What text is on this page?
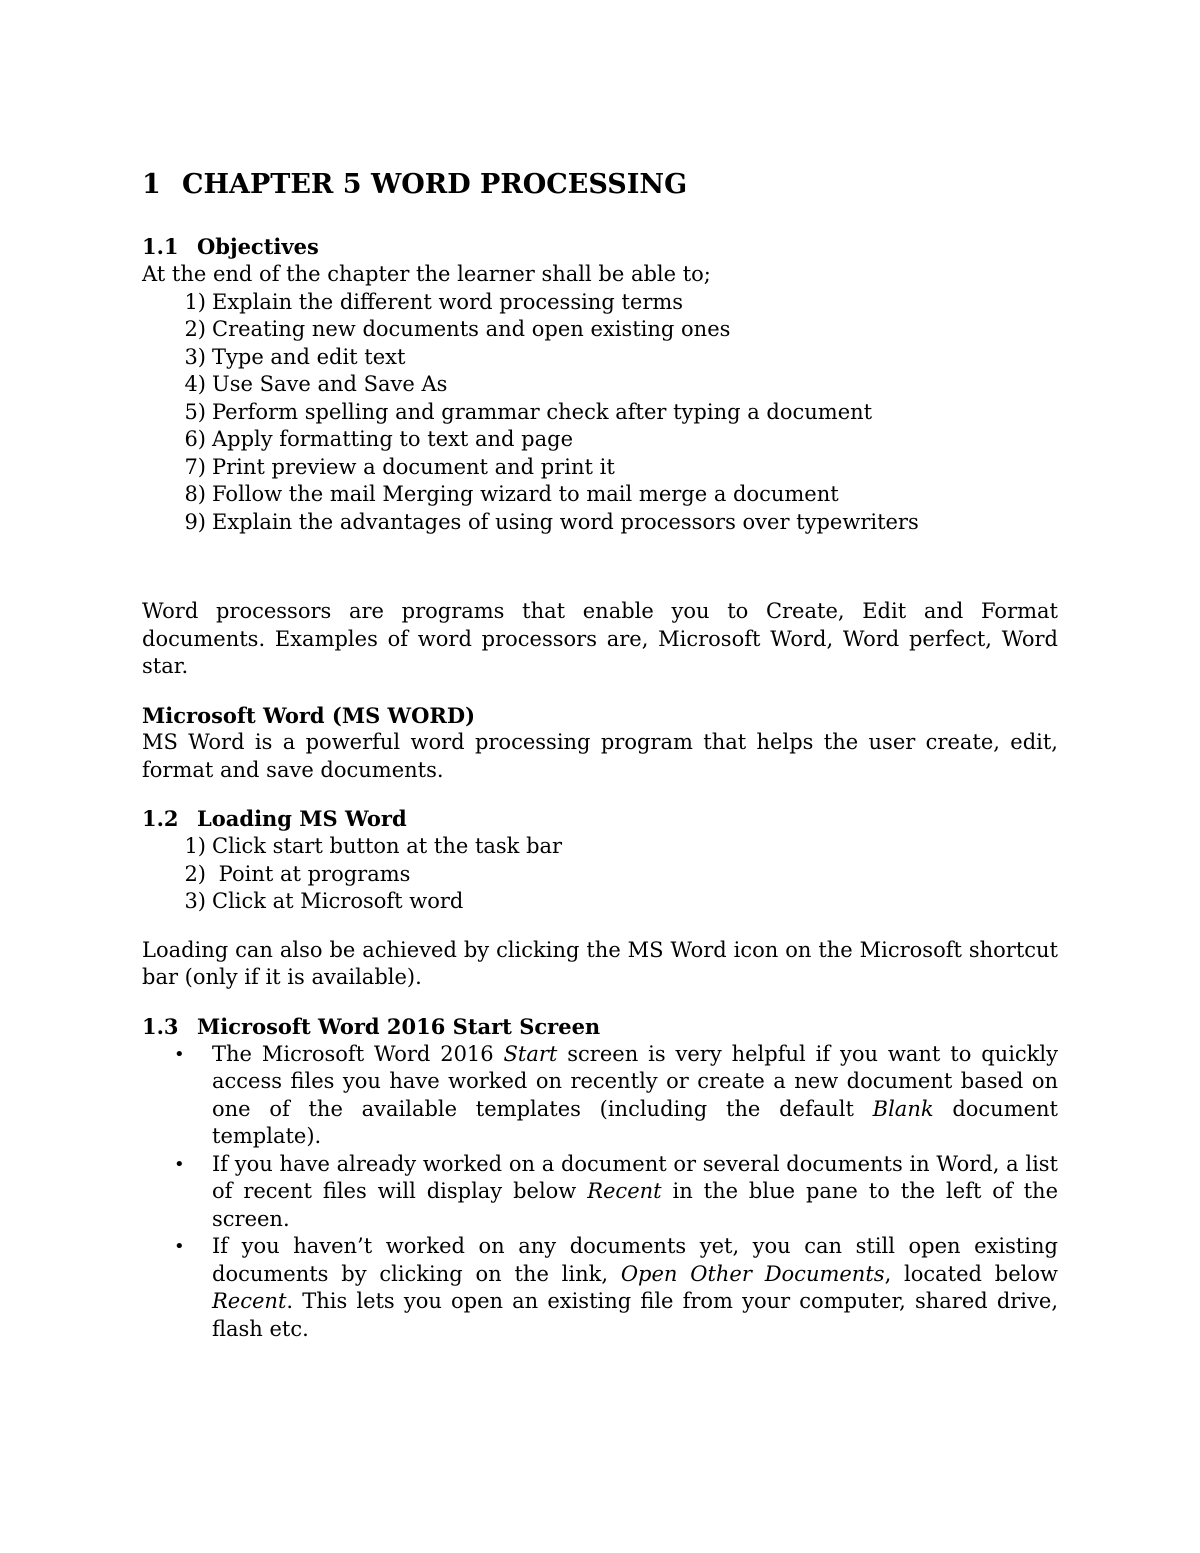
1 CHAPTER 5 WORD PROCESSING
1.1 Objectives

At the end of the chapter the learner shall be able to;

1) Explain the different word processing terms
2) Creating new documents and open existing ones
3) Type and edit text
4) Use Save and Save As
5) Perform spelling and grammar check after typing a document
6) Apply formatting to text and page
7) Print preview a document and print it
8) Follow the mail Merging wizard to mail merge a document
9) Explain the advantages of using word processors over typewriters

Word processors are programs that enable you to Create, Edit and Format documents. Examples of word processors are, Microsoft Word, Word perfect, Word star.

Microsoft Word (MS WORD)

MS Word is a powerful word processing program that helps the user create, edit, format and save documents.

1.2 Loading MS Word
1) Click start button at the task bar
2) Point at programs
3) Click at Microsoft word

Loading can also be achieved by clicking the MS Word icon on the Microsoft shortcut bar (only if it is available).

1.3 Microsoft Word 2016 Start Screen
•	The Microsoft Word 2016 Start screen is very helpful if you want to quickly access files you have worked on recently or create a new document based on one of the available templates (including the default Blank document template).
•	If you have already worked on a document or several documents in Word, a list of recent files will display below Recent in the blue pane to the left of the screen.
•	If you haven’t worked on any documents yet, you can still open existing documents by clicking on the link, Open Other Documents, located below Recent. This lets you open an existing file from your computer, shared drive, flash etc.
